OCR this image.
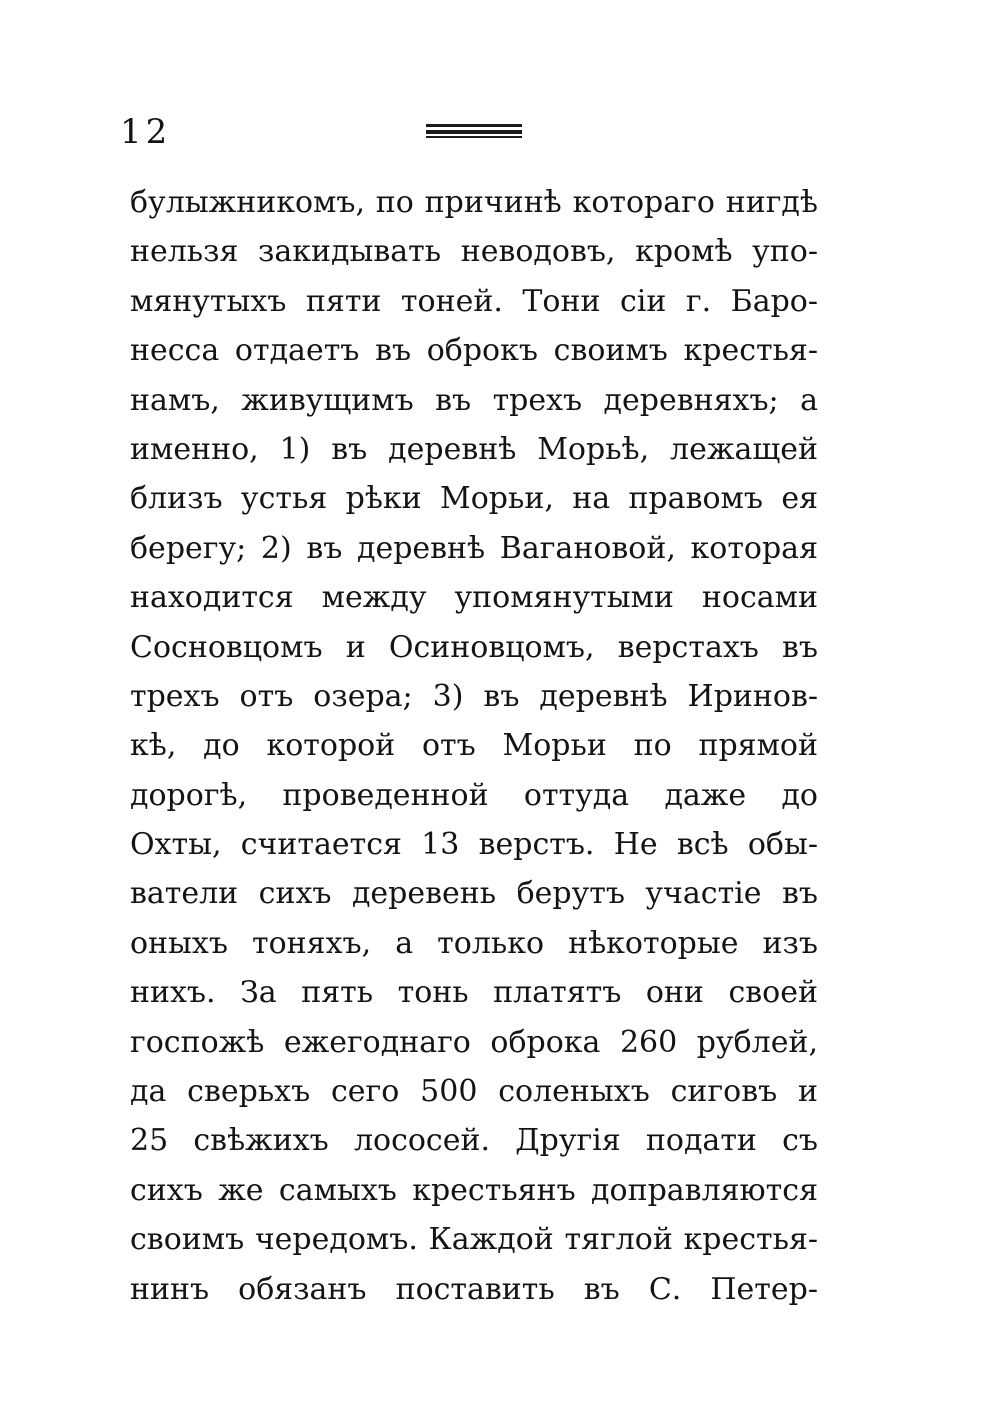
12
булыжникомъ, по причинѣ котораго нигдѣ
нельзя закидывать неводовъ, кромѣ упо-
мянутыхъ пяти тоней. Тони сіи г. Баро-
несса отдаетъ въ оброкъ своимъ крестья-
намъ, живущимъ въ трехъ деревняхъ; а
именно, 1) въ деревнѣ Морьѣ, лежащей
близъ устья рѣки Морьи, на правомъ ея
берегу; 2) въ деревнѣ Вагановой, которая
находится между упомянутыми носами
Сосновцомъ и Осиновцомъ, верстахъ въ
трехъ отъ озера; 3) въ деревнѣ Иринов-
кѣ, до которой отъ Морьи по прямой
дорогѣ, проведенной оттуда даже до
Охты, считается 13 верстъ. Не всѣ обы-
ватели сихъ деревень берутъ участіе въ
оныхъ тоняхъ, а только нѣкоторые изъ
нихъ. За пять тонь платятъ они своей
госпожѣ ежегоднаго оброка 260 рублей,
да сверьхъ сего 500 соленыхъ сиговъ и
25 свѣжихъ лососей. Другія подати съ
сихъ же самыхъ крестьянъ доправляются
своимъ чередомъ. Каждой тяглой крестья-
нинъ обязанъ поставить въ С. Петер-
